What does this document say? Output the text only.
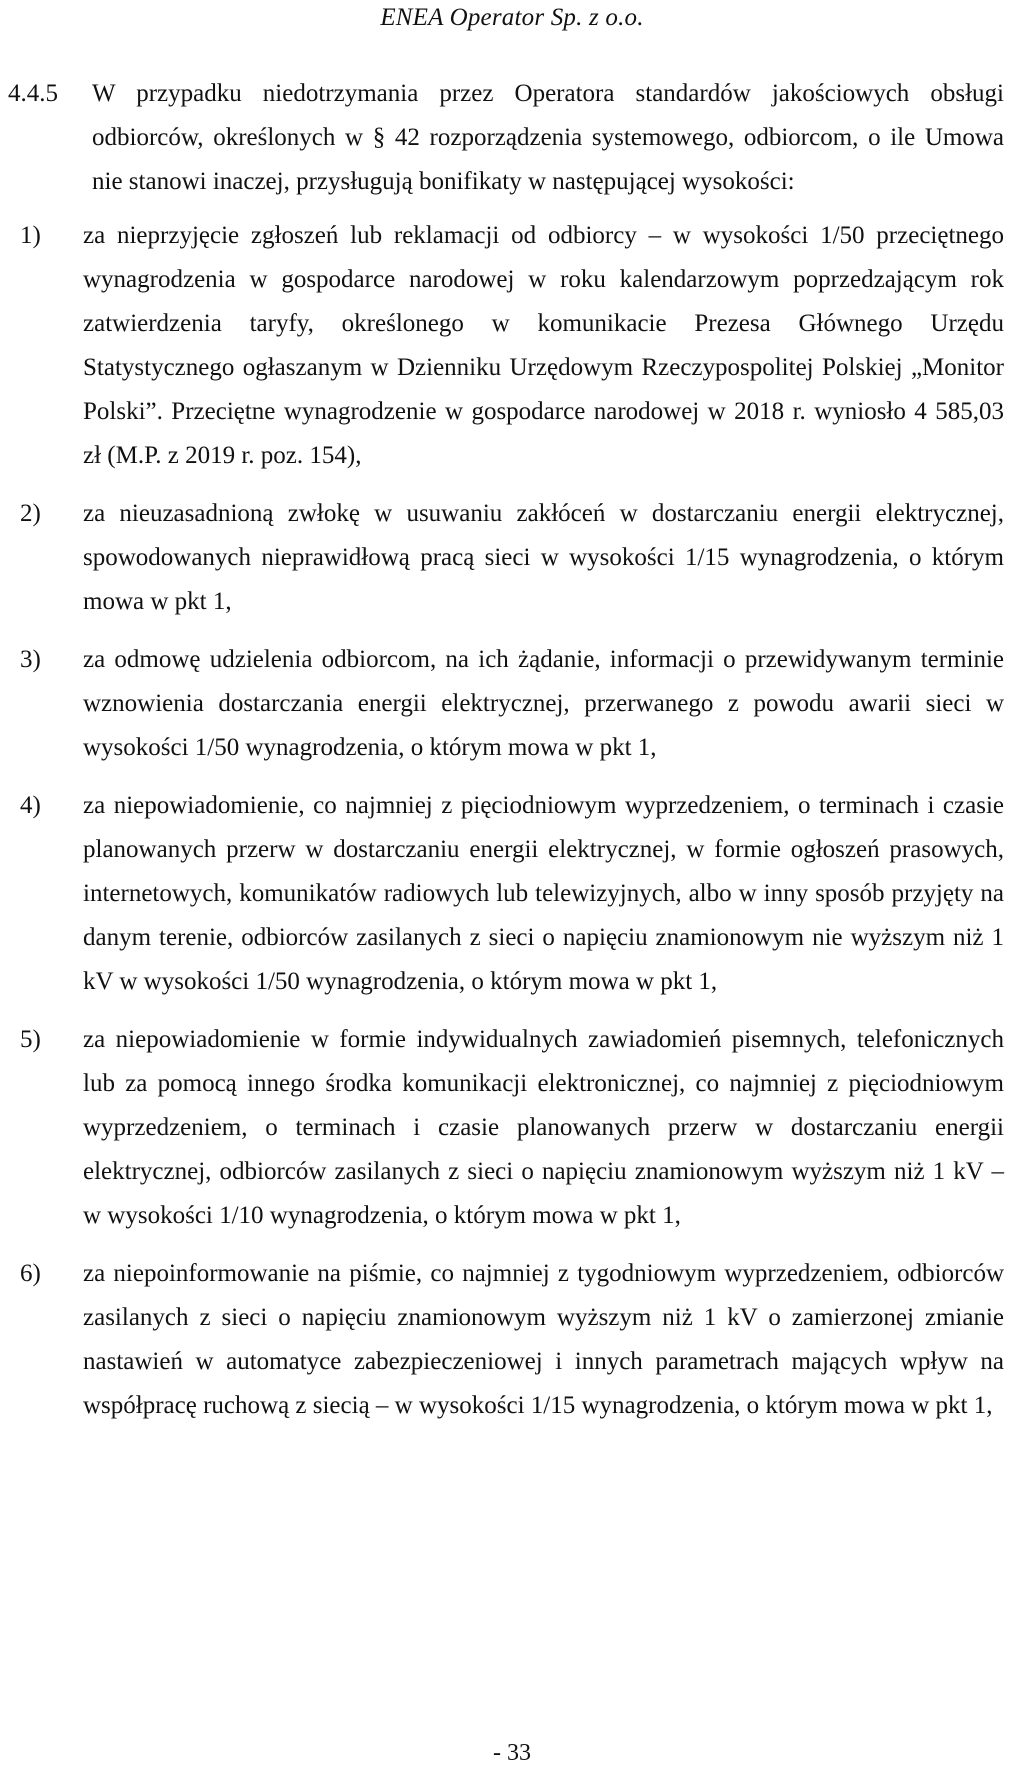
ENEA Operator Sp. z o.o.
4.4.5	W przypadku niedotrzymania przez Operatora standardów jakościowych obsługi odbiorców, określonych w § 42 rozporządzenia systemowego, odbiorcom, o ile Umowa nie stanowi inaczej, przysługują bonifikaty w następującej wysokości:
1)	za nieprzyjęcie zgłoszeń lub reklamacji od odbiorcy – w wysokości 1/50 przeciętnego wynagrodzenia w gospodarce narodowej w roku kalendarzowym poprzedzającym rok zatwierdzenia taryfy, określonego w komunikacie Prezesa Głównego Urzędu Statystycznego ogłaszanym w Dzienniku Urzędowym Rzeczypospolitej Polskiej „Monitor Polski”. Przeciętne wynagrodzenie w gospodarce narodowej w 2018 r. wyniosło 4 585,03 zł (M.P. z 2019 r. poz. 154),
2)	za nieuzasadnioną zwłokę w usuwaniu zakłóceń w dostarczaniu energii elektrycznej, spowodowanych nieprawidłową pracą sieci w wysokości 1/15 wynagrodzenia, o którym mowa w pkt 1,
3)	za odmowę udzielenia odbiorcom, na ich żądanie, informacji o przewidywanym terminie wznowienia dostarczania energii elektrycznej, przerwanego z powodu awarii sieci w wysokości 1/50 wynagrodzenia, o którym mowa w pkt 1,
4)	za niepowiadomienie, co najmniej z pięciodniowym wyprzedzeniem, o terminach i czasie planowanych przerw w dostarczaniu energii elektrycznej, w formie ogłoszeń prasowych, internetowych, komunikatów radiowych lub telewizyjnych, albo w inny sposób przyjęty na danym terenie, odbiorców zasilanych z sieci o napięciu znamionowym nie wyższym niż 1 kV w wysokości 1/50 wynagrodzenia, o którym mowa w pkt 1,
5)	za niepowiadomienie w formie indywidualnych zawiadomień pisemnych, telefonicznych lub za pomocą innego środka komunikacji elektronicznej, co najmniej z pięciodniowym wyprzedzeniem, o terminach i czasie planowanych przerw w dostarczaniu energii elektrycznej, odbiorców zasilanych z sieci o napięciu znamionowym wyższym niż 1 kV – w wysokości 1/10 wynagrodzenia, o którym mowa w pkt 1,
6)	za niepoinformowanie na piśmie, co najmniej z tygodniowym wyprzedzeniem, odbiorców zasilanych z sieci o napięciu znamionowym wyższym niż 1 kV o zamierzonej zmianie nastawień w automatyce zabezpieczeniowej i innych parametrach mających wpływ na współpracę ruchową z siecią – w wysokości 1/15 wynagrodzenia, o którym mowa w pkt 1,
- 33
